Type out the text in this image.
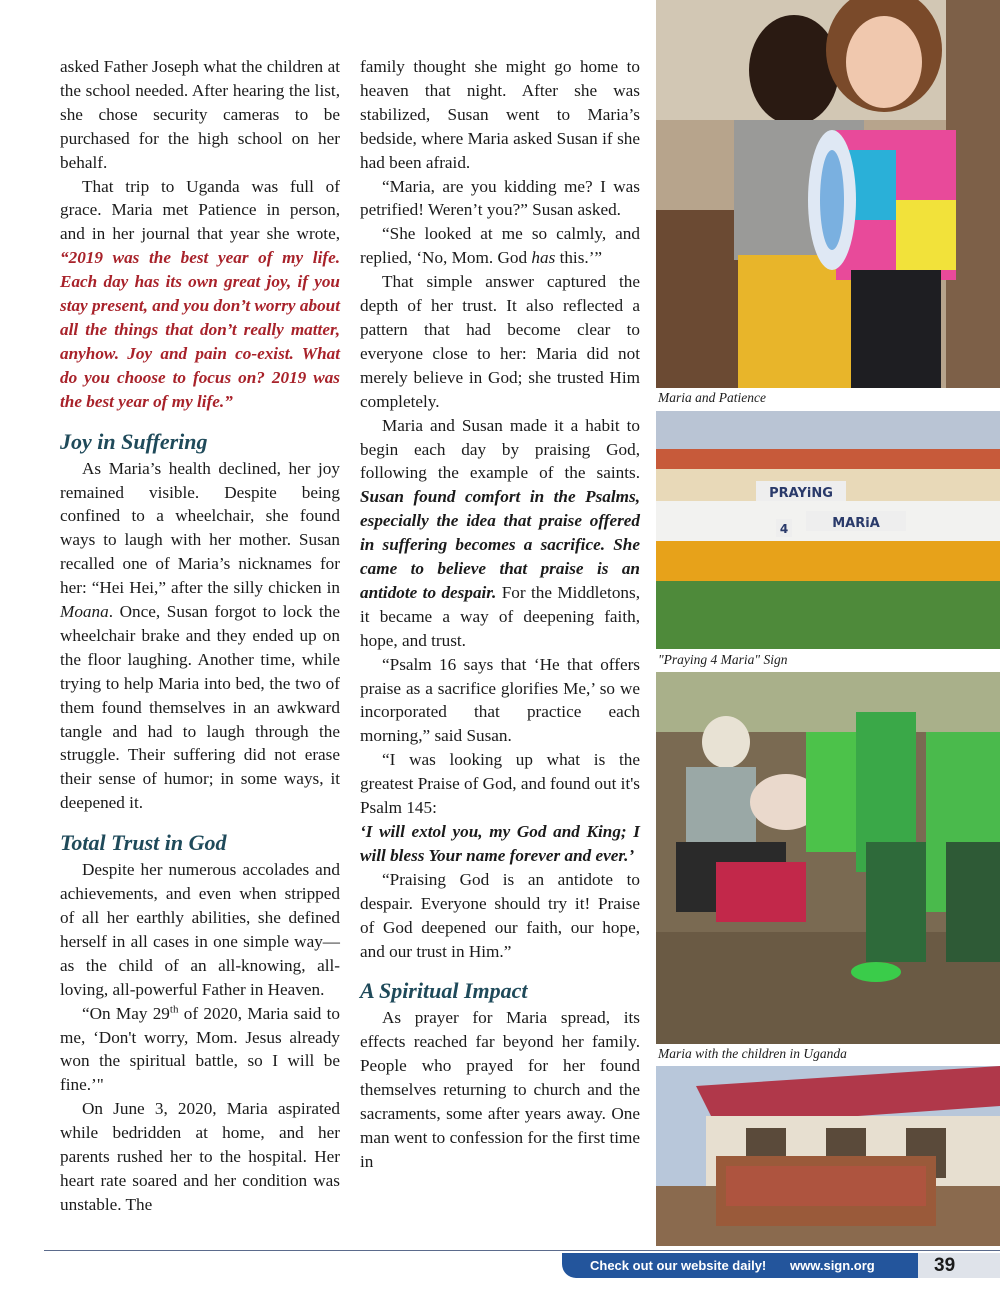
asked Father Joseph what the children at the school needed. After hearing the list, she chose security cameras to be purchased for the high school on her behalf.

That trip to Uganda was full of grace. Maria met Patience in person, and in her journal that year she wrote, “2019 was the best year of my life. Each day has its own great joy, if you stay present, and you don’t worry about all the things that don’t really matter, anyhow. Joy and pain co-exist. What do you choose to focus on? 2019 was the best year of my life.”

Joy in Suffering

As Maria’s health declined, her joy remained visible. Despite being confined to a wheelchair, she found ways to laugh with her mother. Susan recalled one of Maria’s nicknames for her: “Hei Hei,” after the silly chicken in Moana. Once, Susan forgot to lock the wheelchair brake and they ended up on the floor laughing. Another time, while trying to help Maria into bed, the two of them found themselves in an awkward tangle and had to laugh through the struggle. Their suffering did not erase their sense of humor; in some ways, it deepened it.

Total Trust in God

Despite her numerous accolades and achievements, and even when stripped of all her earthly abilities, she defined herself in all cases in one simple way—as the child of an all-knowing, all-loving, all-powerful Father in Heaven.

“On May 29th of 2020, Maria said to me, ‘Don't worry, Mom. Jesus already won the spiritual battle, so I will be fine.’"

On June 3, 2020, Maria aspirated while bedridden at home, and her parents rushed her to the hospital. Her heart rate soared and her condition was unstable. The

family thought she might go home to heaven that night. After she was stabilized, Susan went to Maria’s bedside, where Maria asked Susan if she had been afraid.

“Maria, are you kidding me? I was petrified! Weren’t you?” Susan asked.

“She looked at me so calmly, and replied, ‘No, Mom. God has this.’”

That simple answer captured the depth of her trust. It also reflected a pattern that had become clear to everyone close to her: Maria did not merely believe in God; she trusted Him completely.

Maria and Susan made it a habit to begin each day by praising God, following the example of the saints. Susan found comfort in the Psalms, especially the idea that praise offered in suffering becomes a sacrifice. She came to believe that praise is an antidote to despair. For the Middletons, it became a way of deepening faith, hope, and trust.

“Psalm 16 says that ‘He that offers praise as a sacrifice glorifies Me,’ so we incorporated that practice each morning,” said Susan.

“I was looking up what is the greatest Praise of God, and found out it's Psalm 145:

‘I will extol you, my God and King; I will bless Your name forever and ever.’

“Praising God is an antidote to despair. Everyone should try it! Praise of God deepened our faith, our hope, and our trust in Him.”

A Spiritual Impact

As prayer for Maria spread, its effects reached far beyond her family. People who prayed for her found themselves returning to church and the sacraments, some after years away. One man went to confession for the first time in

Maria and Patience
PRAYiNG
4	MARiA
"Praying 4 Maria" Sign
Maria with the children in Uganda
Check out our website daily! www.sign.org	39
